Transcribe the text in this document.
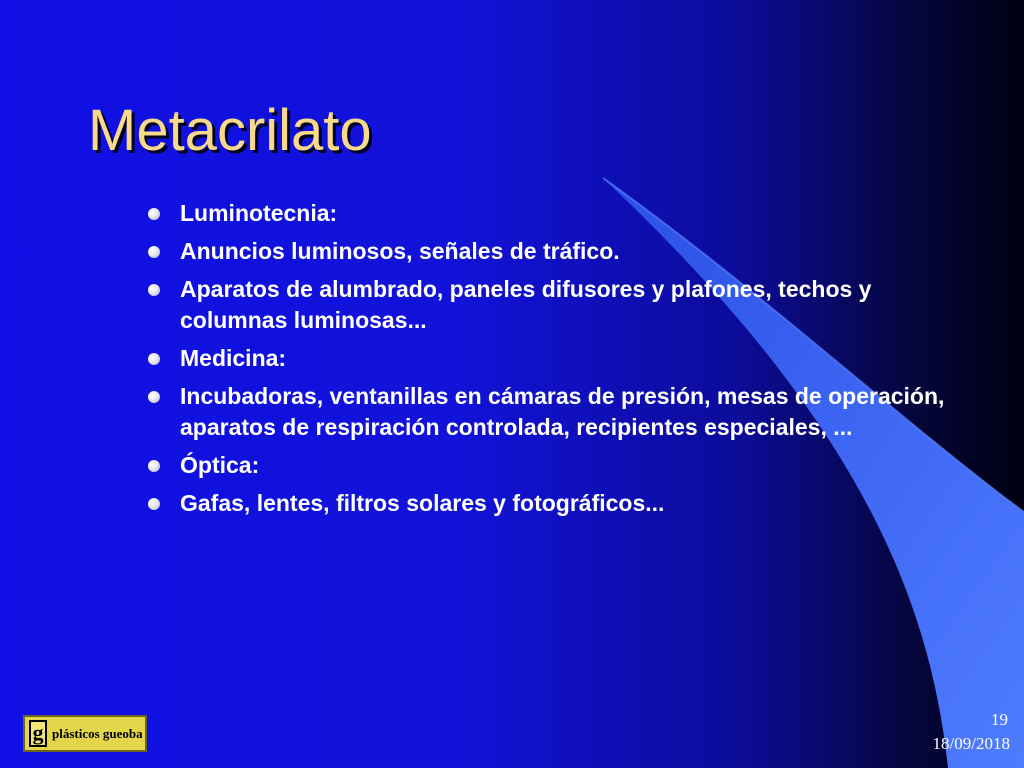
Metacrilato
Luminotecnia:
Anuncios luminosos, señales de tráfico.
Aparatos de alumbrado, paneles difusores y plafones, techos y columnas luminosas...
Medicina:
Incubadoras, ventanillas en cámaras de presión, mesas de operación, aparatos de respiración controlada, recipientes especiales, ...
Óptica:
Gafas, lentes, filtros solares y fotográficos...
g plásticos gueoba
19
18/09/2018
